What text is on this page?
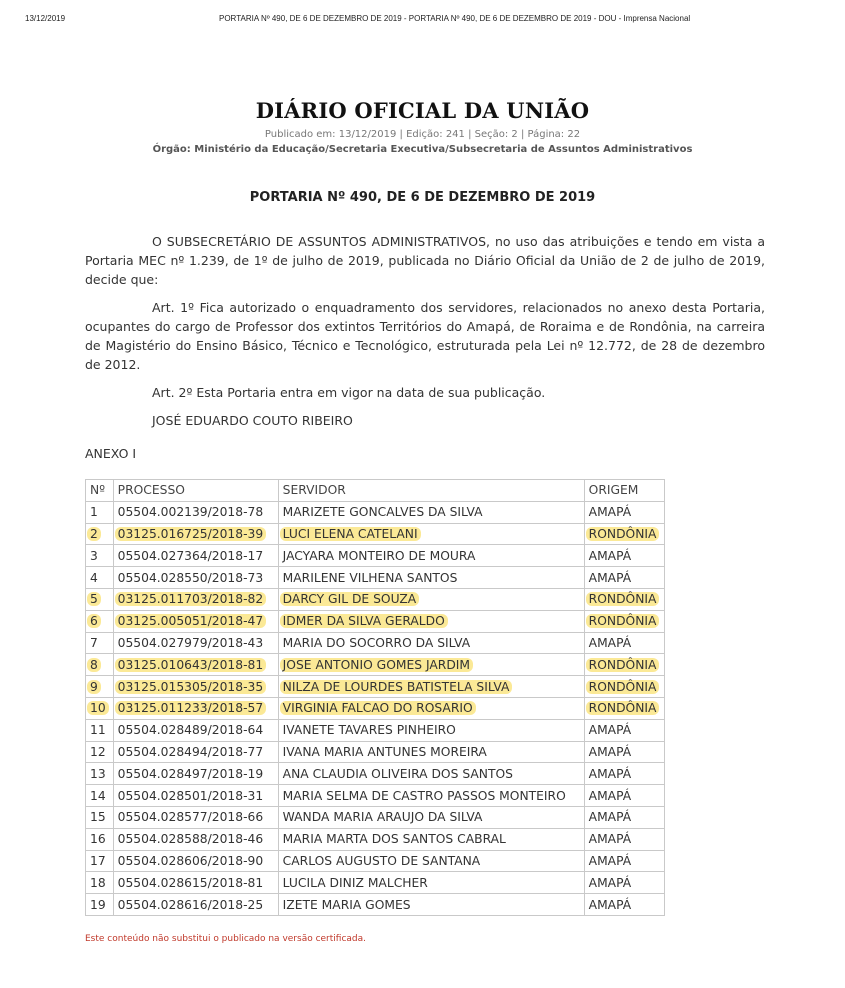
13/12/2019	PORTARIA Nº 490, DE 6 DE DEZEMBRO DE 2019 - PORTARIA Nº 490, DE 6 DE DEZEMBRO DE 2019 - DOU - Imprensa Nacional
DIÁRIO OFICIAL DA UNIÃO
Publicado em: 13/12/2019 | Edição: 241 | Seção: 2 | Página: 22
Órgão: Ministério da Educação/Secretaria Executiva/Subsecretaria de Assuntos Administrativos
PORTARIA Nº 490, DE 6 DE DEZEMBRO DE 2019

O SUBSECRETÁRIO DE ASSUNTOS ADMINISTRATIVOS, no uso das atribuições e tendo em vista a Portaria MEC nº 1.239, de 1º de julho de 2019, publicada no Diário Oficial da União de 2 de julho de 2019, decide que:

Art. 1º Fica autorizado o enquadramento dos servidores, relacionados no anexo desta Portaria, ocupantes do cargo de Professor dos extintos Territórios do Amapá, de Roraima e de Rondônia, na carreira de Magistério do Ensino Básico, Técnico e Tecnológico, estruturada pela Lei nº 12.772, de 28 de dezembro de 2012.

Art. 2º Esta Portaria entra em vigor na data de sua publicação.

JOSÉ EDUARDO COUTO RIBEIRO

ANEXO I
Nº	PROCESSO	SERVIDOR	ORIGEM
1	05504.002139/2018-78	MARIZETE GONCALVES DA SILVA	AMAPÁ
2	03125.016725/2018-39	LUCI ELENA CATELANI	RONDÔNIA
3	05504.027364/2018-17	JACYARA MONTEIRO DE MOURA	AMAPÁ
4	05504.028550/2018-73	MARILENE VILHENA SANTOS	AMAPÁ
5	03125.011703/2018-82	DARCY GIL DE SOUZA	RONDÔNIA
6	03125.005051/2018-47	IDMER DA SILVA GERALDO	RONDÔNIA
7	05504.027979/2018-43	MARIA DO SOCORRO DA SILVA	AMAPÁ
8	03125.010643/2018-81	JOSE ANTONIO GOMES JARDIM	RONDÔNIA
9	03125.015305/2018-35	NILZA DE LOURDES BATISTELA SILVA	RONDÔNIA
10	03125.011233/2018-57	VIRGINIA FALCAO DO ROSARIO	RONDÔNIA
11	05504.028489/2018-64	IVANETE TAVARES PINHEIRO	AMAPÁ
12	05504.028494/2018-77	IVANA MARIA ANTUNES MOREIRA	AMAPÁ
13	05504.028497/2018-19	ANA CLAUDIA OLIVEIRA DOS SANTOS	AMAPÁ
14	05504.028501/2018-31	MARIA SELMA DE CASTRO PASSOS MONTEIRO	AMAPÁ
15	05504.028577/2018-66	WANDA MARIA ARAUJO DA SILVA	AMAPÁ
16	05504.028588/2018-46	MARIA MARTA DOS SANTOS CABRAL	AMAPÁ
17	05504.028606/2018-90	CARLOS AUGUSTO DE SANTANA	AMAPÁ
18	05504.028615/2018-81	LUCILA DINIZ MALCHER	AMAPÁ
19	05504.028616/2018-25	IZETE MARIA GOMES	AMAPÁ
Este conteúdo não substitui o publicado na versão certificada.
